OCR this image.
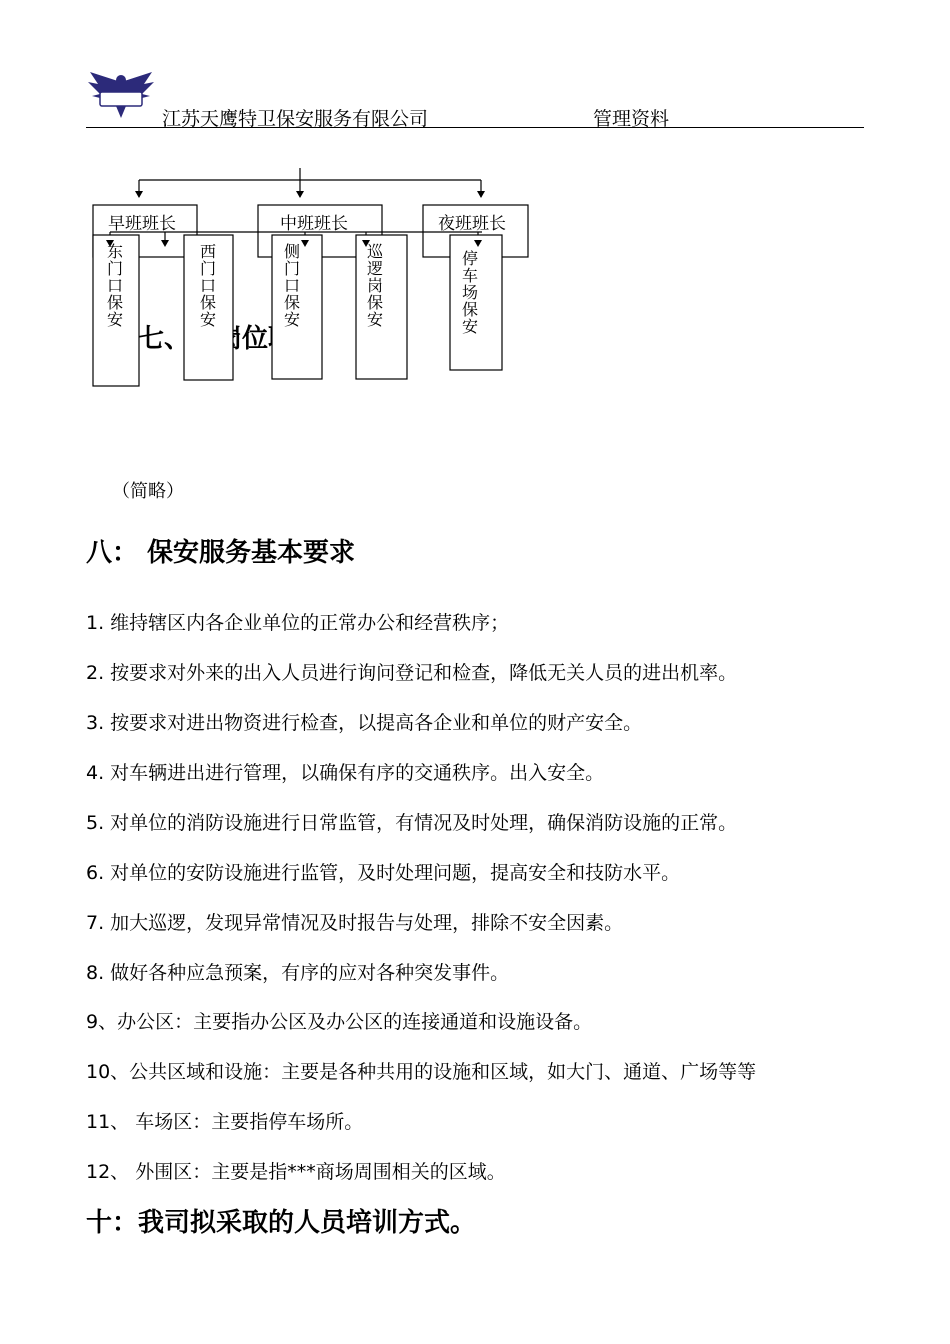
江苏天鹰特卫保安服务有限公司	管理资料
早班班长	中班班长	夜班班长
东门口保安
西门口保安
侧门口保安
巡逻岗保安
停车场保安
（简略）
八： 保安服务基本要求
1. 维持辖区内各企业单位的正常办公和经营秩序；
2. 按要求对外来的出入人员进行询问登记和检查，降低无关人员的进出机率。
3. 按要求对进出物资进行检查，以提高各企业和单位的财产安全。
4. 对车辆进出进行管理，以确保有序的交通秩序。出入安全。
5. 对单位的消防设施进行日常监管，有情况及时处理，确保消防设施的正常。
6. 对单位的安防设施进行监管，及时处理问题，提高安全和技防水平。
7. 加大巡逻，发现异常情况及时报告与处理，排除不安全因素。
8. 做好各种应急预案，有序的应对各种突发事件。
9、办公区：主要指办公区及办公区的连接通道和设施设备。
10、公共区域和设施：主要是各种共用的设施和区域，如大门、通道、广场等等
11、 车场区：主要指停车场所。
12、 外围区：主要是指***商场周围相关的区域。
十：我司拟采取的人员培训方式。
